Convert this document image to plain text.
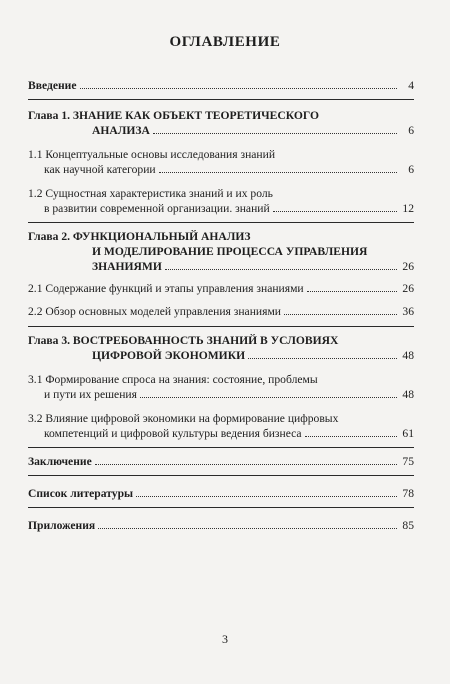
ОГЛАВЛЕНИЕ
Введение	4
Глава 1. ЗНАНИЕ КАК ОБЪЕКТ ТЕОРЕТИЧЕСКОГО
АНАЛИЗА	6
1.1 Концептуальные основы исследования знаний
как научной категории	6
1.2 Сущностная характеристика знаний и их роль
в развитии современной организации. знаний	12
Глава 2. ФУНКЦИОНАЛЬНЫЙ АНАЛИЗ
И МОДЕЛИРОВАНИЕ ПРОЦЕССА УПРАВЛЕНИЯ
ЗНАНИЯМИ	26
2.1 Содержание функций и этапы управления знаниями	26
2.2 Обзор основных моделей управления знаниями	36
Глава 3. ВОСТРЕБОВАННОСТЬ ЗНАНИЙ В УСЛОВИЯХ
ЦИФРОВОЙ ЭКОНОМИКИ	48
3.1 Формирование спроса на знания: состояние, проблемы
и пути их решения	48
3.2 Влияние цифровой экономики на формирование цифровых
компетенций и цифровой культуры ведения бизнеса	61
Заключение	75
Список литературы	78
Приложения	85
3
